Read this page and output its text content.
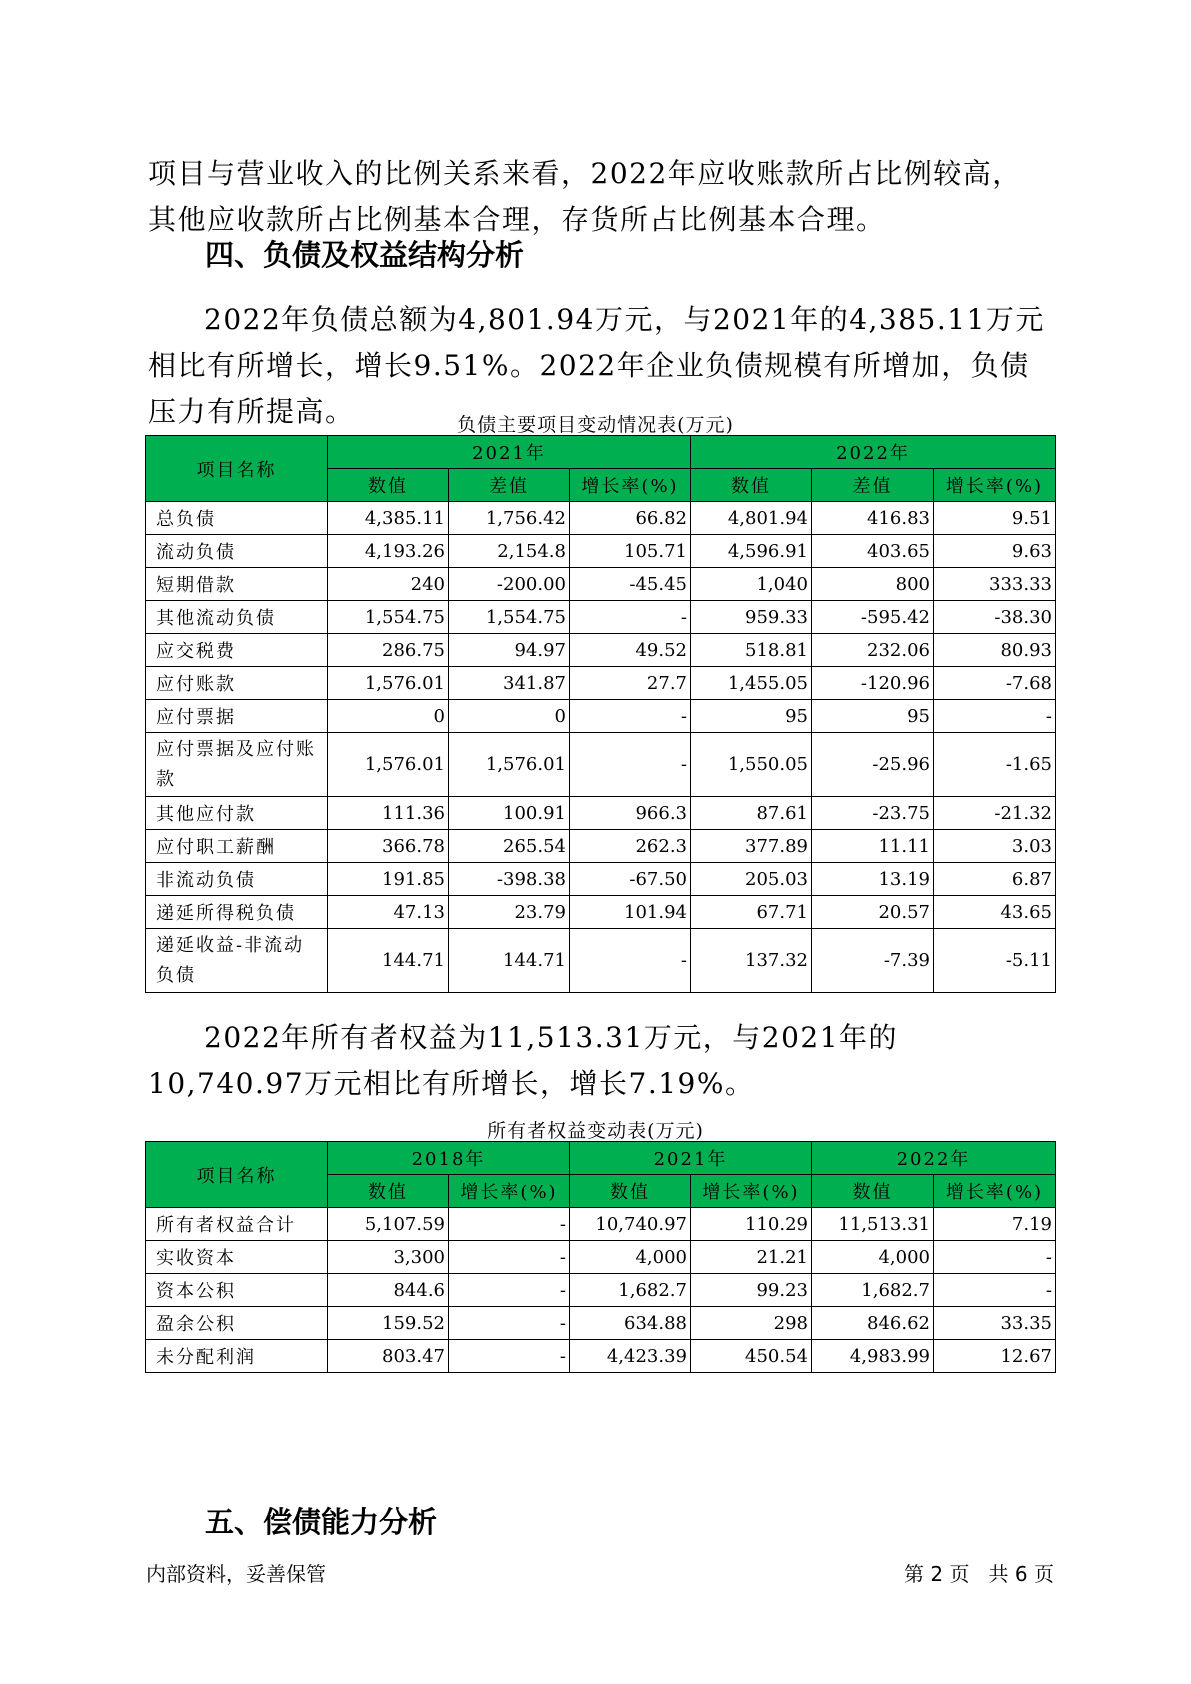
项目与营业收入的比例关系来看，2022年应收账款所占比例较高，其他应收款所占比例基本合理，存货所占比例基本合理。

四、负债及权益结构分析

2022年负债总额为4,801.94万元，与2021年的4,385.11万元相比有所增长，增长9.51%。2022年企业负债规模有所增加，负债压力有所提高。	负债主要项目变动情况表(万元)
项目名称	2021年			2022年		
	数值	差值	增长率(%)	数值	差值	增长率(%)
总负债	4,385.11	1,756.42	66.82	4,801.94	416.83	9.51
流动负债	4,193.26	2,154.8	105.71	4,596.91	403.65	9.63
短期借款	240	-200.00	-45.45	1,040	800	333.33
其他流动负债	1,554.75	1,554.75	-	959.33	-595.42	-38.30
应交税费	286.75	94.97	49.52	518.81	232.06	80.93
应付账款	1,576.01	341.87	27.7	1,455.05	-120.96	-7.68
应付票据	0	0	-	95	95	-
应付票据及应付账款	1,576.01	1,576.01	-	1,550.05	-25.96	-1.65
其他应付款	111.36	100.91	966.3	87.61	-23.75	-21.32
应付职工薪酬	366.78	265.54	262.3	377.89	11.11	3.03
非流动负债	191.85	-398.38	-67.50	205.03	13.19	6.87
递延所得税负债	47.13	23.79	101.94	67.71	20.57	43.65
递延收益-非流动负债	144.71	144.71	-	137.32	-7.39	-5.11

2022年所有者权益为11,513.31万元，与2021年的10,740.97万元相比有所增长，增长7.19%。

所有者权益变动表(万元)
项目名称	2018年		2021年		2022年	
	数值	增长率(%)	数值	增长率(%)	数值	增长率(%)
所有者权益合计	5,107.59	-	10,740.97	110.29	11,513.31	7.19
实收资本	3,300	-	4,000	21.21	4,000	-
资本公积	844.6	-	1,682.7	99.23	1,682.7	-
盈余公积	159.52	-	634.88	298	846.62	33.35
未分配利润	803.47	-	4,423.39	450.54	4,983.99	12.67
五、偿债能力分析
内部资料，妥善保管	第 2 页   共 6 页
